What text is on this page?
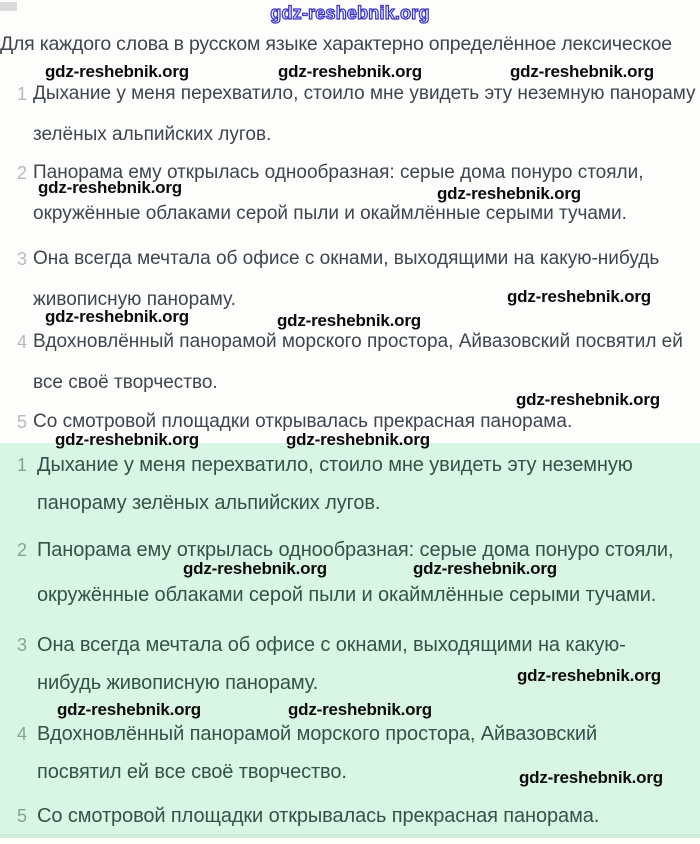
gdz-reshebnik.org
Для каждого слова в русском языке характерно определённое лексическое
1 Дыхание у меня перехватило, стоило мне увидеть эту неземную панораму
зелёных альпийских лугов.
2 Панорама ему открылась однообразная: серые дома понуро стояли,
окружённые облаками серой пыли и окаймлённые серыми тучами.
3 Она всегда мечтала об офисе с окнами, выходящими на какую-нибудь
живописную панораму.
4 Вдохновлённый панорамой морского простора, Айвазовский посвятил ей
все своё творчество.
5 Со смотровой площадки открывалась прекрасная панорама.
gdz-reshebnik.org	gdz-reshebnik.org	gdz-reshebnik.org
gdz-reshebnik.org	gdz-reshebnik.org
gdz-reshebnik.org
gdz-reshebnik.org	gdz-reshebnik.org
gdz-reshebnik.org
gdz-reshebnik.org	gdz-reshebnik.org
1 Дыхание у меня перехватило, стоило мне увидеть эту неземную
панораму зелёных альпийских лугов.
2 Панорама ему открылась однообразная: серые дома понуро стояли,
окружённые облаками серой пыли и окаймлённые серыми тучами.
3 Она всегда мечтала об офисе с окнами, выходящими на какую-
нибудь живописную панораму.
4 Вдохновлённый панорамой морского простора, Айвазовский
посвятил ей все своё творчество.
5 Со смотровой площадки открывалась прекрасная панорама.
gdz-reshebnik.org	gdz-reshebnik.org
gdz-reshebnik.org
gdz-reshebnik.org	gdz-reshebnik.org
gdz-reshebnik.org
